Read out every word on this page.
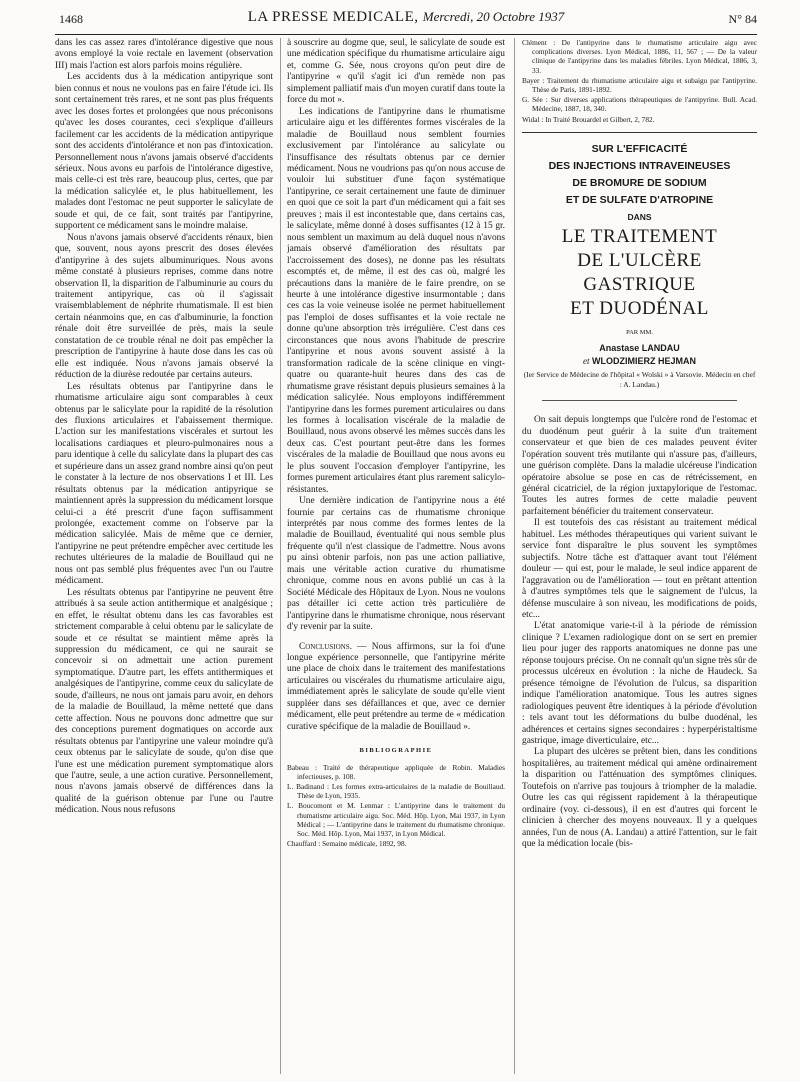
1468	LA PRESSE MEDICALE, Mercredi, 20 Octobre 1937	N° 84

dans les cas assez rares d'intolérance digestive que nous avons employé la voie rectale en lavement (observation III) mais l'action est alors parfois moins régulière.

Les accidents dus à la médication antipyrique sont bien connus et nous ne voulons pas en faire l'étude ici. Ils sont certainement très rares, et ne sont pas plus fréquents avec les doses fortes et prolongées que nous préconisons qu'avec les doses courantes, ceci s'explique d'ailleurs facilement car les accidents de la médication antipyrique sont des accidents d'intolérance et non pas d'intoxication. Personnellement nous n'avons jamais observé d'accidents sérieux. Nous avons eu parfois de l'intolérance digestive, mais celle-ci est très rare, beaucoup plus, certes, que par la médication salicylée et, le plus habituellement, les malades dont l'estomac ne peut supporter le salicylate de soude et qui, de ce fait, sont traités par l'antipyrine, supportent ce médicament sans le moindre malaise.

Nous n'avons jamais observé d'accidents rénaux, bien que, souvent, nous ayons prescrit des doses élevées d'antipyrine à des sujets albuminuriques. Nous avons même constaté à plusieurs reprises, comme dans notre observation II, la disparition de l'albuminurie au cours du traitement antipyrique, cas où il s'agissait vraisemblablement de néphrite rhumatismale. Il est bien certain néanmoins que, en cas d'albuminurie, la fonction rénale doit être surveillée de près, mais la seule constatation de ce trouble rénal ne doit pas empêcher la prescription de l'antipyrine à haute dose dans les cas où elle est indiquée. Nous n'avons jamais observé la réduction de la diurèse redoutée par certains auteurs.

Les résultats obtenus par l'antipyrine dans le rhumatisme articulaire aigu sont comparables à ceux obtenus par le salicylate pour la rapidité de la résolution des fluxions articulaires et l'abaissement thermique. L'action sur les manifestations viscérales et surtout les localisations cardiaques et pleuro-pulmonaires nous a paru identique à celle du salicylate dans la plupart des cas et supérieure dans un assez grand nombre ainsi qu'on peut le constater à la lecture de nos observations I et III. Les résultats obtenus par la médication antipyrique se maintiennent après la suppression du médicament lorsque celui-ci a été prescrit d'une façon suffisamment prolongée, exactement comme on l'observe par la médication salicylée. Mais de même que ce dernier, l'antipyrine ne peut prétendre empêcher avec certitude les rechutes ultérieures de la maladie de Bouillaud qui ne nous ont pas semblé plus fréquentes avec l'un ou l'autre médicament.

Les résultats obtenus par l'antipyrine ne peuvent être attribués à sa seule action antithermique et analgésique ; en effet, le résultat obtenu dans les cas favorables est strictement comparable à celui obtenu par le salicylate de soude et ce résultat se maintient même après la suppression du médicament, ce qui ne saurait se concevoir si on admettait une action purement symptomatique. D'autre part, les effets antithermiques et analgésiques de l'antipyrine, comme ceux du salicylate de soude, d'ailleurs, ne nous ont jamais paru avoir, en dehors de la maladie de Bouillaud, la même netteté que dans cette affection. Nous ne pouvons donc admettre que sur des conceptions purement dogmatiques on accorde aux résultats obtenus par l'antipyrine une valeur moindre qu'à ceux obtenus par le salicylate de soude, qu'on dise que l'une est une médication purement symptomatique alors que l'autre, seule, a une action curative. Personnellement, nous n'avons jamais observé de différences dans la qualité de la guérison obtenue par l'une ou l'autre médication. Nous nous refusons

à souscrire au dogme que, seul, le salicylate de soude est une médication spécifique du rhumatisme articulaire aigu et, comme G. Sée, nous croyons qu'on peut dire de l'antipyrine « qu'il s'agit ici d'un remède non pas simplement palliatif mais d'un moyen curatif dans toute la force du mot ».

Les indications de l'antipyrine dans le rhumatisme articulaire aigu et les différentes formes viscérales de la maladie de Bouillaud nous semblent fournies exclusivement par l'intolérance au salicylate ou l'insuffisance des résultats obtenus par ce dernier médicament. Nous ne voudrions pas qu'on nous accuse de vouloir lui substituer d'une façon systématique l'antipyrine, ce serait certainement une faute de diminuer en quoi que ce soit la part d'un médicament qui a fait ses preuves ; mais il est incontestable que, dans certains cas, le salicylate, même donné à doses suffisantes (12 à 15 gr. nous semblent un maximum au delà duquel nous n'avons jamais observé d'amélioration des résultats par l'accroissement des doses), ne donne pas les résultats escomptés et, de même, il est des cas où, malgré les précautions dans la manière de le faire prendre, on se heurte à une intolérance digestive insurmontable ; dans ces cas la voie veineuse isolée ne permet habituellement pas l'emploi de doses suffisantes et la voie rectale ne donne qu'une absorption très irrégulière. C'est dans ces circonstances que nous avons l'habitude de prescrire l'antipyrine et nous avons souvent assisté à la transformation radicale de la scène clinique en vingt-quatre ou quarante-huit heures dans des cas de rhumatisme grave résistant depuis plusieurs semaines à la médication salicylée. Nous employons indifféremment l'antipyrine dans les formes purement articulaires ou dans les formes à localisation viscérale de la maladie de Bouillaud, nous avons observé les mêmes succès dans les deux cas. C'est pourtant peut-être dans les formes viscérales de la maladie de Bouillaud que nous avons eu le plus souvent l'occasion d'employer l'antipyrine, les formes purement articulaires étant plus rarement salicylo-résistantes.

Une dernière indication de l'antipyrine nous a été fournie par certains cas de rhumatisme chronique interprétés par nous comme des formes lentes de la maladie de Bouillaud, éventualité qui nous semble plus fréquente qu'il n'est classique de l'admettre. Nous avons pu ainsi obtenir parfois, non pas une action palliative, mais une véritable action curative du rhumatisme chronique, comme nous en avons publié un cas à la Société Médicale des Hôpitaux de Lyon. Nous ne voulons pas détailler ici cette action très particulière de l'antipyrine dans le rhumatisme chronique, nous réservant d'y revenir par la suite.

Conclusions. — Nous affirmons, sur la foi d'une longue expérience personnelle, que l'antipyrine mérite une place de choix dans le traitement des manifestations articulaires ou viscérales du rhumatisme articulaire aigu, immédiatement après le salicylate de soude qu'elle vient suppléer dans ses défaillances et que, avec ce dernier médicament, elle peut prétendre au terme de « médication curative spécifique de la maladie de Bouillaud ».

BIBLIOGRAPHIE
Babeau : Traité de thérapeutique appliquée de Robin. Maladies infectieuses, p. 108.
L. Badinand : Les formes extra-articulaires de la maladie de Bouillaud. Thèse de Lyon, 1935.
L. Boucomont et M. Lenmar : L'antipyrine dans le traitement du rhumatisme articulaire aigu. Soc. Méd. Hôp. Lyon, Mai 1937, in Lyon Médical ; — L'antipyrine dans le traitement du rhumatisme chronique. Soc. Méd. Hôp. Lyon, Mai 1937, in Lyon Médical.
Chauffard : Semaine médicale, 1892, 98.
Clément : De l'antipyrine dans le rhumatisme articulaire aigu avec complications diverses. Lyon Médical, 1886, 11, 567 ; — De la valeur clinique de l'antipyrine dans les maladies fébriles. Lyon Médical, 1886, 3, 33.
Bayer : Traitement du rhumatisme articulaire aigu et subaigu par l'antipyrine. Thèse de Paris, 1891-1892.
G. Sée : Sur diverses applications thérapeutiques de l'antipyrine. Bull. Acad. Médecine, 1887, 18, 340.
Widal : In Traité Brouardel et Gilbert, 2, 782.
SUR L'EFFICACITÉ
DES INJECTIONS INTRAVEINEUSES
DE BROMURE DE SODIUM
ET DE SULFATE D'ATROPINE
DANS
LE TRAITEMENT
DE L'ULCÈRE GASTRIQUE
ET DUODÉNAL
PAR MM.
Anastase LANDAU
et WLODZIMIERZ HEJMAN
(Ier Service de Médecine de l'hôpital « Wolski » à Varsovie. Médecin en chef : A. Landau.)

On sait depuis longtemps que l'ulcère rond de l'estomac et du duodénum peut guérir à la suite d'un traitement conservateur et que bien de ces malades peuvent éviter l'opération souvent très mutilante qui n'assure pas, d'ailleurs, une guérison complète. Dans la maladie ulcéreuse l'indication opératoire absolue se pose en cas de rétrécissement, en général cicatriciel, de la région juxtapylorique de l'estomac. Toutes les autres formes de cette maladie peuvent parfaitement bénéficier du traitement conservateur.

Il est toutefois des cas résistant au traitement médical habituel. Les méthodes thérapeutiques qui varient suivant le service font disparaître le plus souvent les symptômes subjectifs. Notre tâche est d'attaquer avant tout l'élément douleur — qui est, pour le malade, le seul indice apparent de l'aggravation ou de l'amélioration — tout en prêtant attention à d'autres symptômes tels que le saignement de l'ulcus, la défense musculaire à son niveau, les modifications de poids, etc...

L'état anatomique varie-t-il à la période de rémission clinique ? L'examen radiologique dont on se sert en premier lieu pour juger des rapports anatomiques ne donne pas une réponse toujours précise. On ne connaît qu'un signe très sûr de processus ulcéreux en évolution : la niche de Haudeck. Sa présence témoigne de l'évolution de l'ulcus, sa disparition indique l'amélioration anatomique. Tous les autres signes radiologiques peuvent être identiques à la période d'évolution : tels avant tout les déformations du bulbe duodénal, les adhérences et certains signes secondaires : hyperpéristaltisme gastrique, image diverticulaire, etc...

La plupart des ulcères se prêtent bien, dans les conditions hospitalières, au traitement médical qui amène ordinairement la disparition ou l'atténuation des symptômes cliniques. Toutefois on n'arrive pas toujours à triompher de la maladie. Outre les cas qui régissent rapidement à la thérapeutique ordinaire (voy. ci-dessous), il en est d'autres qui forcent le clinicien à chercher des moyens nouveaux. Il y a quelques années, l'un de nous (A. Landau) a attiré l'attention, sur le fait que la médication locale (bis-
